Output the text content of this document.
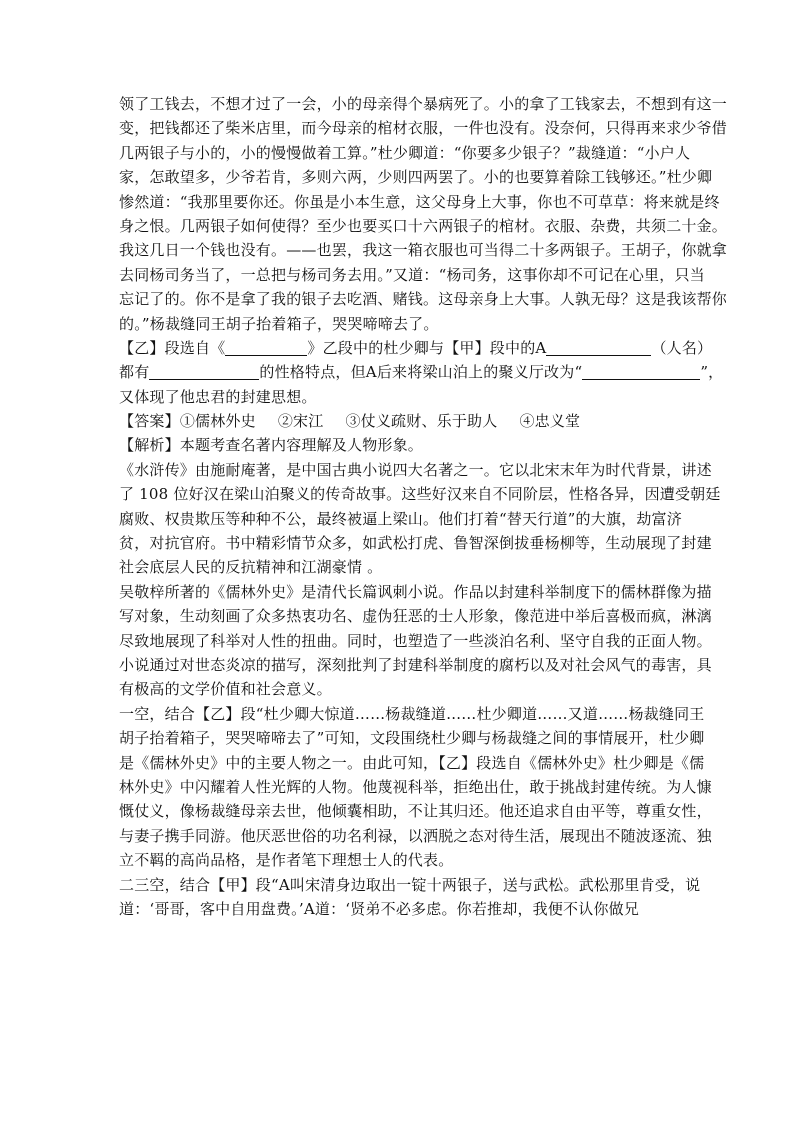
领了工钱去，不想才过了一会，小的母亲得个暴病死了。小的拿了工钱家去，不想到有这一
变，把钱都还了柴米店里，而今母亲的棺材衣服，一件也没有。没奈何，只得再来求少爷借
几两银子与小的，小的慢慢做着工算。”杜少卿道：“你要多少银子？”裁缝道：“小户人
家，怎敢望多，少爷若肯，多则六两，少则四两罢了。小的也要算着除工钱够还。”杜少卿
惨然道：“我那里要你还。你虽是小本生意，这父母身上大事，你也不可草草：将来就是终
身之恨。几两银子如何使得？至少也要买口十六两银子的棺材。衣服、杂费，共须二十金。
我这几日一个钱也没有。——也罢，我这一箱衣服也可当得二十多两银子。王胡子，你就拿
去同杨司务当了，一总把与杨司务去用。”又道：“杨司务，这事你却不可记在心里，只当
忘记了的。你不是拿了我的银子去吃酒、赌钱。这母亲身上大事。人孰无母？这是我该帮你
的。”杨裁缝同王胡子抬着箱子，哭哭啼啼去了。
【乙】段选自《	》乙段中的杜少卿与【甲】段中的A	（人名）
都有	的性格特点，但A后来将梁山泊上的聚义厅改为“	”，
又体现了他忠君的封建思想。
【答案】①儒林外史 ②宋江 ③仗义疏财、乐于助人 ④忠义堂
【解析】本题考查名著内容理解及人物形象。
《水浒传》由施耐庵著，是中国古典小说四大名著之一。它以北宋末年为时代背景，讲述
了 108 位好汉在梁山泊聚义的传奇故事。这些好汉来自不同阶层，性格各异，因遭受朝廷
腐败、权贵欺压等种种不公，最终被逼上梁山。他们打着“替天行道”的大旗，劫富济
贫，对抗官府。书中精彩情节众多，如武松打虎、鲁智深倒拔垂杨柳等，生动展现了封建
社会底层人民的反抗精神和江湖豪情 。
吴敬梓所著的《儒林外史》是清代长篇讽刺小说。作品以封建科举制度下的儒林群像为描
写对象，生动刻画了众多热衷功名、虚伪狂恶的士人形象，像范进中举后喜极而疯，淋漓
尽致地展现了科举对人性的扭曲。同时，也塑造了一些淡泊名利、坚守自我的正面人物。
小说通过对世态炎凉的描写，深刻批判了封建科举制度的腐朽以及对社会风气的毒害，具
有极高的文学价值和社会意义。
一空，结合【乙】段“杜少卿大惊道……杨裁缝道……杜少卿道……又道……杨裁缝同王
胡子抬着箱子，哭哭啼啼去了”可知，文段围绕杜少卿与杨裁缝之间的事情展开，杜少卿
是《儒林外史》中的主要人物之一。由此可知，【乙】段选自《儒林外史》杜少卿是《儒
林外史》中闪耀着人性光辉的人物。他蔑视科举，拒绝出仕，敢于挑战封建传统。为人慷
慨仗义，像杨裁缝母亲去世，他倾囊相助，不让其归还。他还追求自由平等，尊重女性，
与妻子携手同游。他厌恶世俗的功名利禄，以洒脱之态对待生活，展现出不随波逐流、独
立不羁的高尚品格，是作者笔下理想士人的代表。
二三空，结合【甲】段“A叫宋清身边取出一锭十两银子，送与武松。武松那里肯受，说
道：‘哥哥，客中自用盘费。’A道：‘贤弟不必多虑。你若推却，我便不认你做兄
